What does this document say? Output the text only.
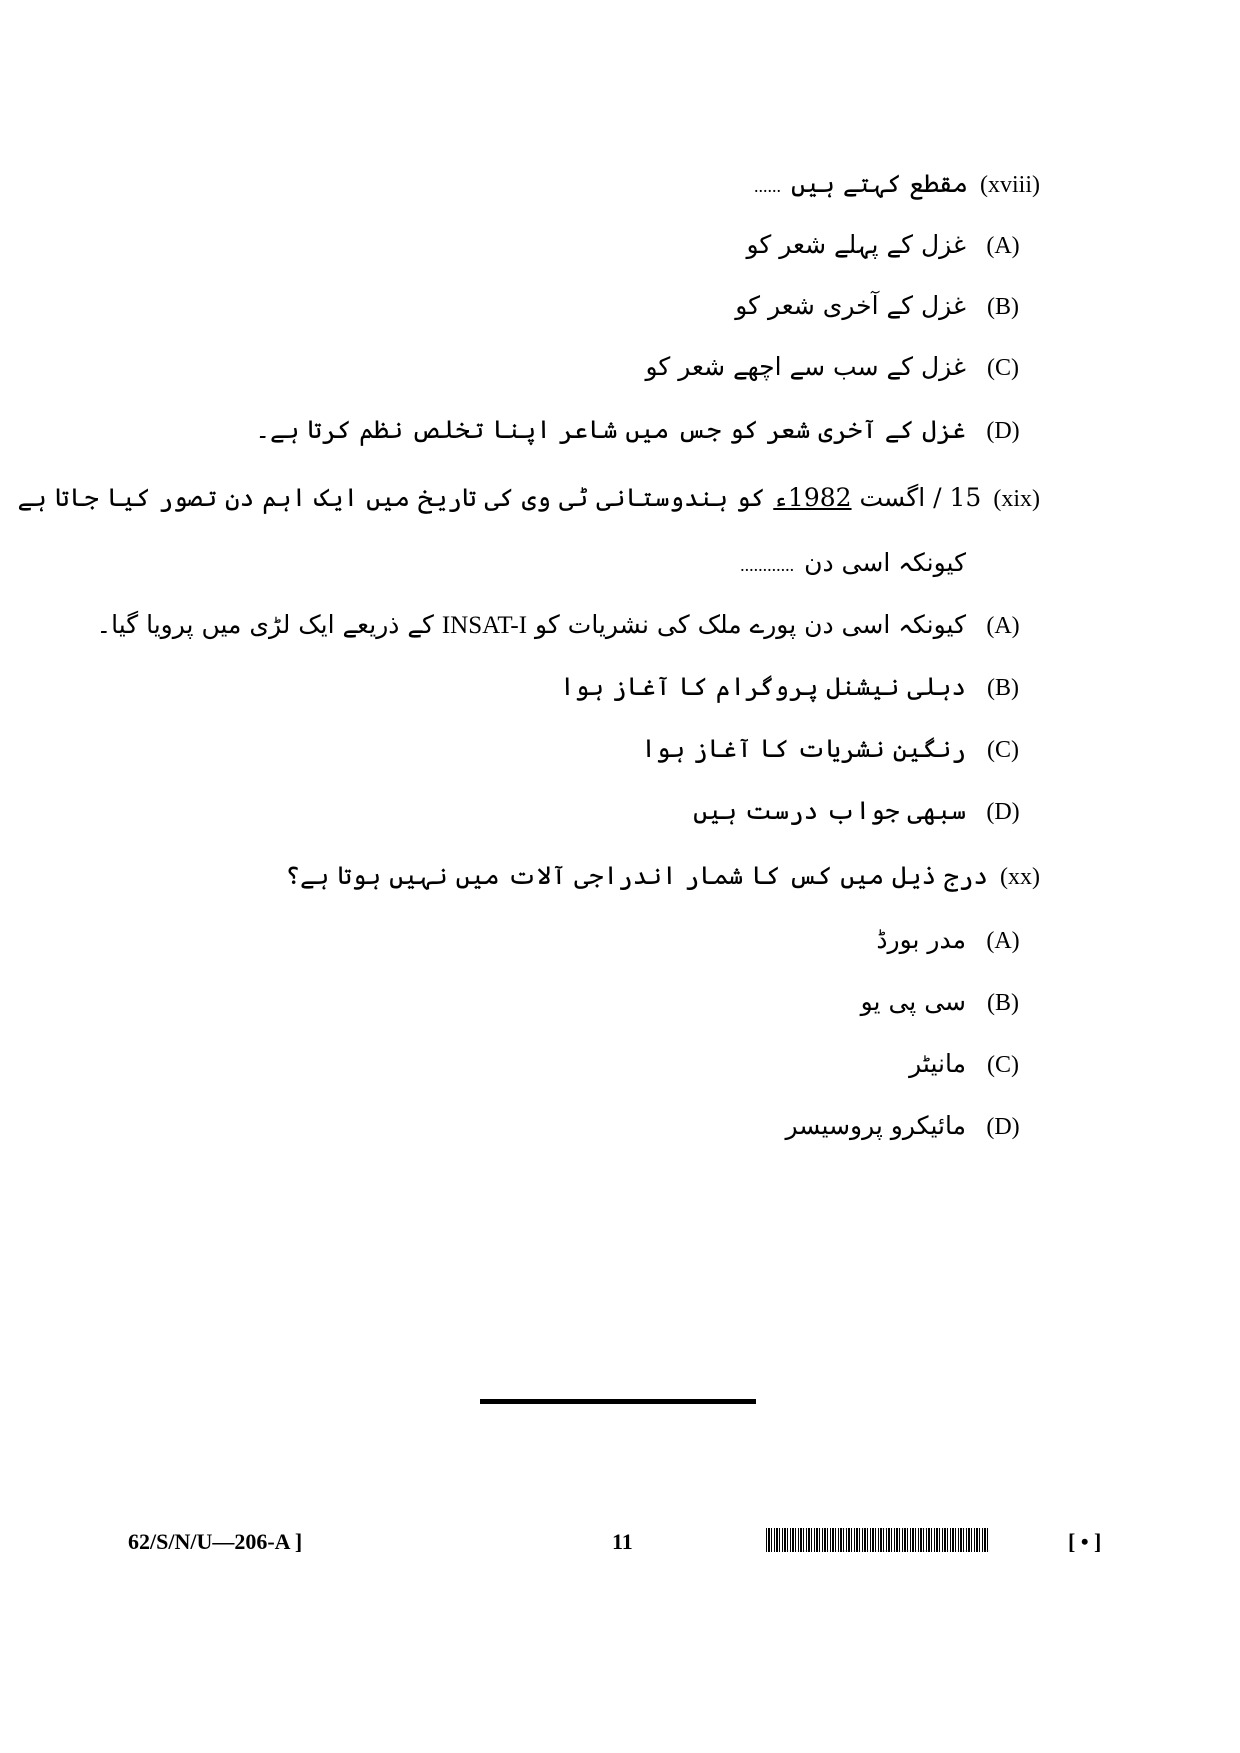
(xviii)مقطع کہتے ہیں......
(A)غزل کے پہلے شعر کو
(B)غزل کے آخری شعر کو
(C)غزل کے سب سے اچھے شعر کو
(D)غزل کے آخری شعر کو جس میں شاعر اپنا تخلص نظم کرتا ہے۔
(xix)15 / اگست 1982ء کو ہندوستانی ٹی وی کی تاریخ میں ایک اہم دن تصور کیا جاتا ہے
کیونکہ اسی دن............
(A)کیونکہ اسی دن پورے ملک کی نشریات کو INSAT-I کے ذریعے ایک لڑی میں پرویا گیا۔
(B)دہلی نیشنل پروگرام کا آغاز ہوا
(C)رنگین نشریات کا آغاز ہوا
(D)سبھی جواب درست ہیں
(xx)درج ذیل میں کس کا شمار اندراجی آلات میں نہیں ہوتا ہے؟
(A)مدر بورڈ
(B)سی پی یو
(C)مانیٹر
(D)مائیکرو پروسیسر
62/S/N/U—206-A ]	11	[ • ]
